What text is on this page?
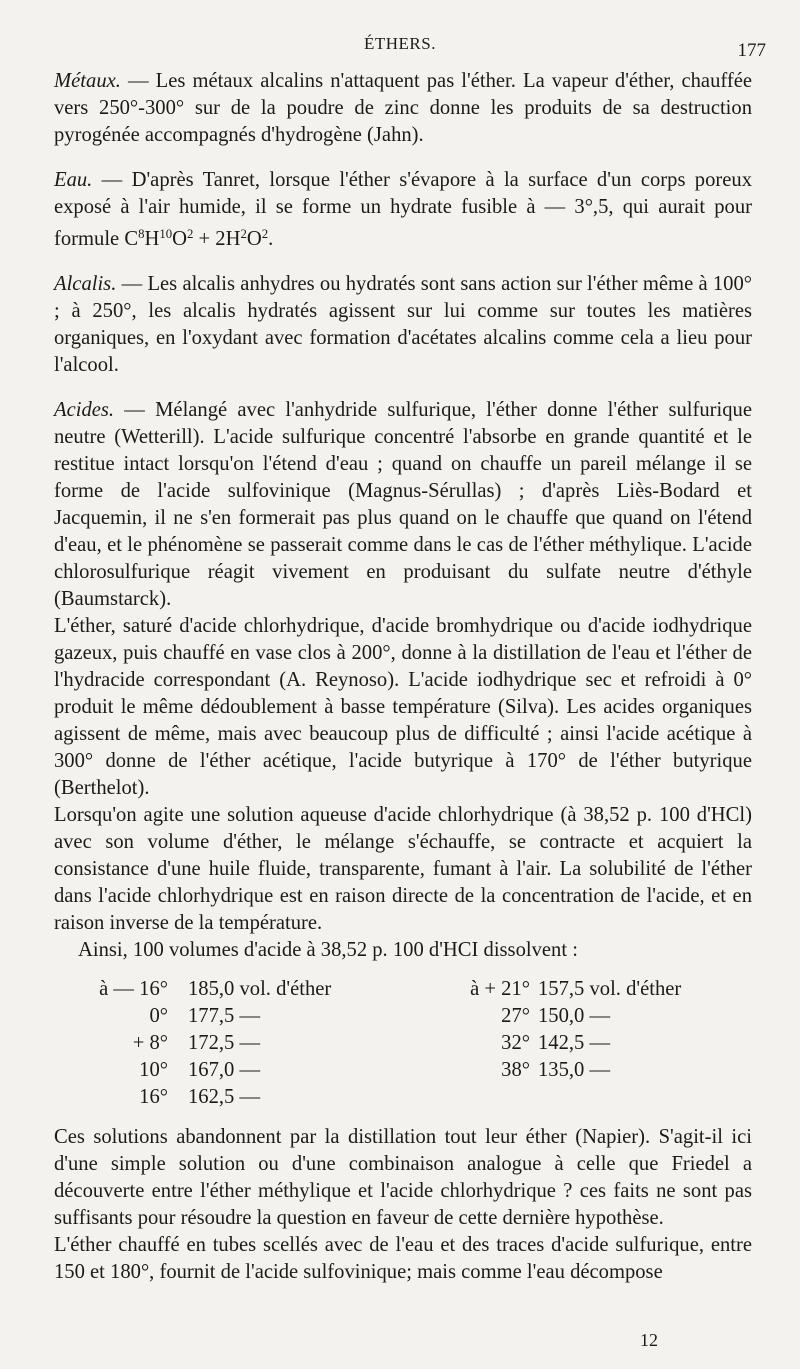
ÉTHERS.	177

Métaux. — Les métaux alcalins n'attaquent pas l'éther. La vapeur d'éther, chauffée vers 250°-300° sur de la poudre de zinc donne les produits de sa destruction pyrogénée accompagnés d'hydrogène (Jahn).

Eau. — D'après Tanret, lorsque l'éther s'évapore à la surface d'un corps poreux exposé à l'air humide, il se forme un hydrate fusible à — 3°,5, qui aurait pour formule $C^8H^{10}O^2 + 2H^2O^2$.

Alcalis. — Les alcalis anhydres ou hydratés sont sans action sur l'éther même à 100° ; à 250°, les alcalis hydratés agissent sur lui comme sur toutes les matières organiques, en l'oxydant avec formation d'acétates alcalins comme cela a lieu pour l'alcool.

Acides. — Mélangé avec l'anhydride sulfurique, l'éther donne l'éther sulfurique neutre (Wetterill). L'acide sulfurique concentré l'absorbe en grande quantité et le restitue intact lorsqu'on l'étend d'eau ; quand on chauffe un pareil mélange il se forme de l'acide sulfovinique (Magnus-Sérullas) ; d'après Liès-Bodard et Jacquemin, il ne s'en formerait pas plus quand on le chauffe que quand on l'étend d'eau, et le phénomène se passerait comme dans le cas de l'éther méthylique. L'acide chlorosulfurique réagit vivement en produisant du sulfate neutre d'éthyle (Baumstarck).

L'éther, saturé d'acide chlorhydrique, d'acide bromhydrique ou d'acide iodhydrique gazeux, puis chauffé en vase clos à 200°, donne à la distillation de l'eau et l'éther de l'hydracide correspondant (A. Reynoso). L'acide iodhydrique sec et refroidi à 0° produit le même dédoublement à basse température (Silva). Les acides organiques agissent de même, mais avec beaucoup plus de difficulté ; ainsi l'acide acétique à 300° donne de l'éther acétique, l'acide butyrique à 170° de l'éther butyrique (Berthelot).

Lorsqu'on agite une solution aqueuse d'acide chlorhydrique (à 38,52 p. 100 d'HCl) avec son volume d'éther, le mélange s'échauffe, se contracte et acquiert la consistance d'une huile fluide, transparente, fumant à l'air. La solubilité de l'éther dans l'acide chlorhydrique est en raison directe de la concentration de l'acide, et en raison inverse de la température.

Ainsi, 100 volumes d'acide à 38,52 p. 100 d'HCI dissolvent :

à — 16°
0°
+ 8°
10°
16°
185,0 vol. d'éther
177,5 —
172,5 —
167,0 —
162,5 —
à + 21°
27°
32°
38°
157,5 vol. d'éther
150,0 —
142,5 —
135,0 —

Ces solutions abandonnent par la distillation tout leur éther (Napier). S'agit-il ici d'une simple solution ou d'une combinaison analogue à celle que Friedel a découverte entre l'éther méthylique et l'acide chlorhydrique ? ces faits ne sont pas suffisants pour résoudre la question en faveur de cette dernière hypothèse.

L'éther chauffé en tubes scellés avec de l'eau et des traces d'acide sulfurique, entre 150 et 180°, fournit de l'acide sulfovinique; mais comme l'eau décompose

12
